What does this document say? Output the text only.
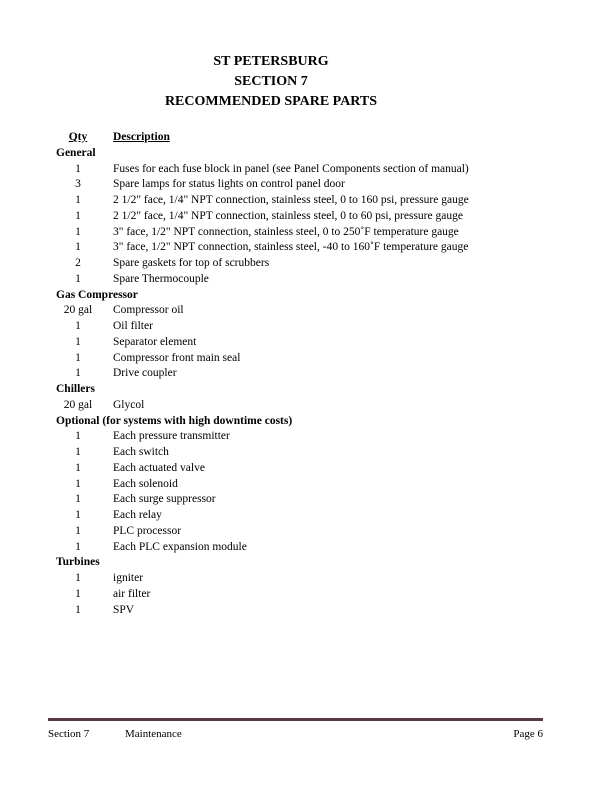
ST PETERSBURG
SECTION 7
RECOMMENDED SPARE PARTS
Qty	Description
General
1	Fuses for each fuse block in panel (see Panel Components section of manual)
3	Spare lamps for status lights on control panel door
1	2 1/2" face, 1/4" NPT connection, stainless steel, 0 to 160 psi, pressure gauge
1	2 1/2" face, 1/4" NPT connection, stainless steel, 0 to 60 psi, pressure gauge
1	3" face, 1/2" NPT connection, stainless steel, 0 to 250˚F temperature gauge
1	3" face, 1/2" NPT connection, stainless steel, -40 to 160˚F temperature gauge
2	Spare gaskets for top of scrubbers
1	Spare Thermocouple
Gas Compressor
20 gal	Compressor oil
1	Oil filter
1	Separator element
1	Compressor front main seal
1	Drive coupler
Chillers
20 gal	Glycol
Optional (for systems with high downtime costs)
1	Each pressure transmitter
1	Each switch
1	Each actuated valve
1	Each solenoid
1	Each surge suppressor
1	Each relay
1	PLC processor
1	Each PLC expansion module
Turbines
1	igniter
1	air filter
1	SPV
Section 7	Maintenance	Page 6
